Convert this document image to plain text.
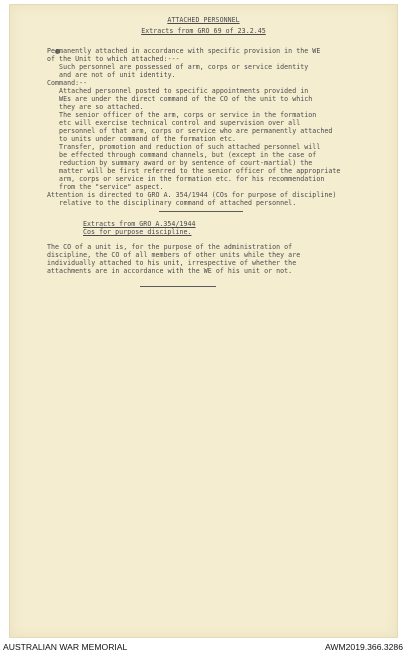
ATTACHED PERSONNEL
Extracts from GRO 69 of 23.2.45
Permanently attached in accordance with specific provision in the WE
of the Unit to which attached:---
Such personnel are possessed of arm, corps or service identity
and are not of unit identity.
Command:--
Attached personnel posted to specific appointments provided in
WEs are under the direct command of the CO of the unit to which
they are so attached.
The senior officer of the arm, corps or service in the formation
etc will exercise technical control and supervision over all
personnel of that arm, corps or service who are permanently attached
to units under command of the formation etc.
Transfer, promotion and reduction of such attached personnel will
be effected through command channels, but (except in the case of
reduction by summary award or by sentence of court-martial) the
matter will be first referred to the senior officer of the appropriate
arm, corps or service in the formation etc. for his recommendation
from the "service" aspect.
Attention is directed to GRO A. 354/1944 (COs for purpose of discipline)
relative to the disciplinary command of attached personnel.
Extracts from GRO A.354/1944
Cos for purpose discipline.
The CO of a unit is, for the purpose of the administration of
discipline, the CO of all members of other units while they are
individually attached to his unit, irrespective of whether the
attachments are in accordance with the WE of his unit or not.
AUSTRALIAN WAR MEMORIAL	AWM2019.366.3286
